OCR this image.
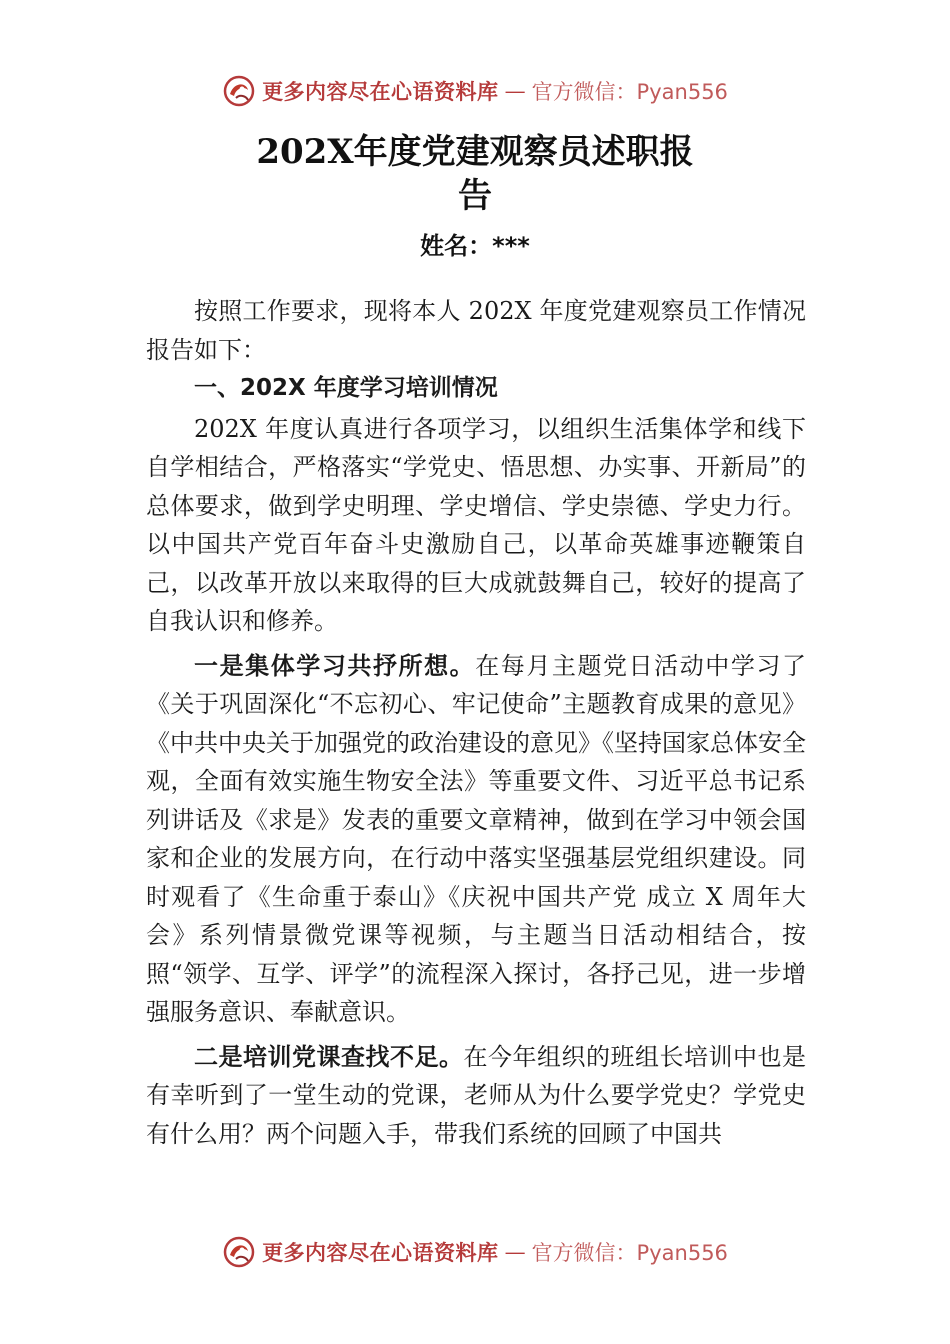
更多内容尽在心语资料库 — 官方微信：Pyan556
202X年度党建观察员述职报
告
姓名：***

按照工作要求，现将本人 202X 年度党建观察员工作情况报告如下：

一、202X 年度学习培训情况

202X 年度认真进行各项学习，以组织生活集体学和线下自学相结合，严格落实“学党史、悟思想、办实事、开新局”的总体要求，做到学史明理、学史增信、学史崇德、学史力行。以中国共产党百年奋斗史激励自己，以革命英雄事迹鞭策自己，以改革开放以来取得的巨大成就鼓舞自己，较好的提高了自我认识和修养。

一是集体学习共抒所想。在每月主题党日活动中学习了《关于巩固深化“不忘初心、牢记使命”主题教育成果的意见》《中共中央关于加强党的政治建设的意见》《坚持国家总体安全观，全面有效实施生物安全法》等重要文件、习近平总书记系列讲话及《求是》发表的重要文章精神，做到在学习中领会国家和企业的发展方向，在行动中落实坚强基层党组织建设。同时观看了《生命重于泰山》《庆祝中国共产党 成立 X 周年大会》系列情景微党课等视频，与主题当日活动相结合，按照“领学、互学、评学”的流程深入探讨，各抒己见，进一步增强服务意识、奉献意识。

二是培训党课查找不足。在今年组织的班组长培训中也是有幸听到了一堂生动的党课，老师从为什么要学党史？学党史有什么用？两个问题入手，带我们系统的回顾了中国共

更多内容尽在心语资料库 — 官方微信：Pyan556
